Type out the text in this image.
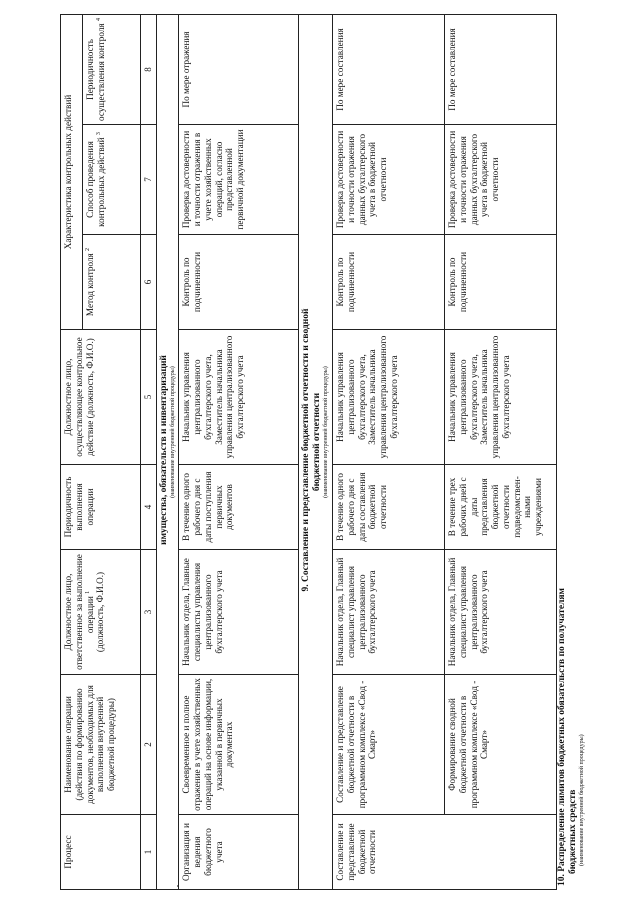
Процесс	Наименование операции (действия по формированию документов, необходимых для выполнения внутренней бюджетной процедуры)	Должностное лицо, ответственное за выполнение операции $^1$ (должность, Ф.И.О.)	Периодичность выполнения операции	Должностное лицо, осуществляющее контрольное действие (должность, Ф.И.О.)	Характеристика контрольных действий		
					Метод контроля $^2$	Способ проведения контрольных действий $^3$	Периодичность осуществления контроля $^4$
1	2	3	4	5	6	7	8

имущества, обязательств и инвентаризаций (наименование внутренней бюджетной процедуры)							

Организация и ведения бюджетного учета	Своевременное и полное отражение в учете хозяйственных операций на основе информации, указанной в первичных документах	Начальник отдела, Главные специалисты управления централизованного бухгалтерского учета	В течение одного рабочего дня с даты поступления первичных документов	Начальник управления централизованного бухгалтерского учета, Заместитель начальника управления централизованного бухгалтерского учета	Контроль по подчиненности	Проверка достоверности и точности отражения в учете хозяйственных операций, согласно представленной первичной документации	По мере отражения

9. Составление и представление бюджетной отчетности и сводной бюджетной отчетности (наименование внутренней бюджетной процедуры)							

Составление и представление бюджетной отчетности	Составление и представление бюджетной отчетности в программном комплексе «Свод - Смарт»	Начальник отдела, Главный специалист управления централизованного бухгалтерского учета	В течение одного рабочего дня с даты составления бюджетной отчетности	Начальник управления централизованного бухгалтерского учета, Заместитель начальника управления централизованного бухгалтерского учета	Контроль по подчиненности	Проверка достоверности и точности отражения данных бухгалтерского учета в бюджетной отчетности	По мере составления
	Формирование сводной бюджетной отчетности в программном комплексе «Свод - Смарт»	Начальник отдела, Главный специалист управления централизованного бухгалтерского учета	В течение трех рабочих дней с даты представления бюджетной отчетности подведомствен-ными учреждениями	Начальник управления централизованного бухгалтерского учета, Заместитель начальника управления централизованного бухгалтерского учета	Контроль по подчиненности	Проверка достоверности и точности отражения данных бухгалтерского учета в бюджетной отчетности	По мере составления
10. Распределение лимитов бюджетных обязательств по получателям бюджетных средств (наименование внутренней бюджетной процедуры)
